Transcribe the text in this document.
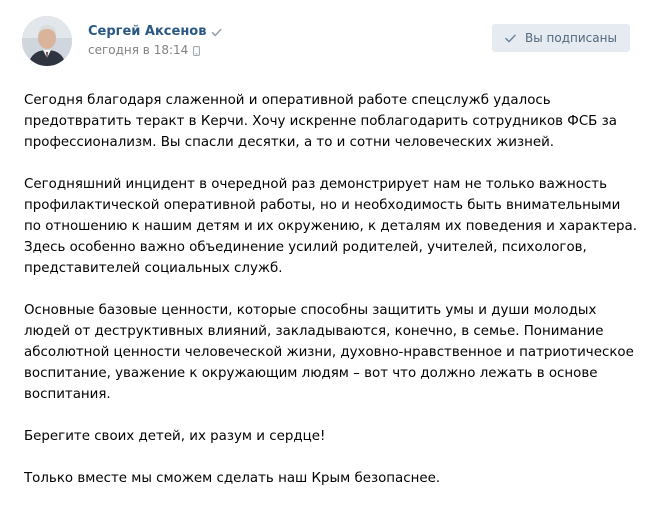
Сергей Аксенов
сегодня в 18:14
Вы подписаны

Сегодня благодаря слаженной и оперативной работе спецслужб удалось
предотвратить теракт в Керчи. Хочу искренне поблагодарить сотрудников ФСБ за
профессионализм. Вы спасли десятки, а то и сотни человеческих жизней.

Сегодняшний инцидент в очередной раз демонстрирует нам не только важность
профилактической оперативной работы, но и необходимость быть внимательными
по отношению к нашим детям и их окружению, к деталям их поведения и характера.
Здесь особенно важно объединение усилий родителей, учителей, психологов,
представителей социальных служб.

Основные базовые ценности, которые способны защитить умы и души молодых
людей от деструктивных влияний, закладываются, конечно, в семье. Понимание
абсолютной ценности человеческой жизни, духовно-нравственное и патриотическое
воспитание, уважение к окружающим людям – вот что должно лежать в основе
воспитания.

Берегите своих детей, их разум и сердце!

Только вместе мы сможем сделать наш Крым безопаснее.
